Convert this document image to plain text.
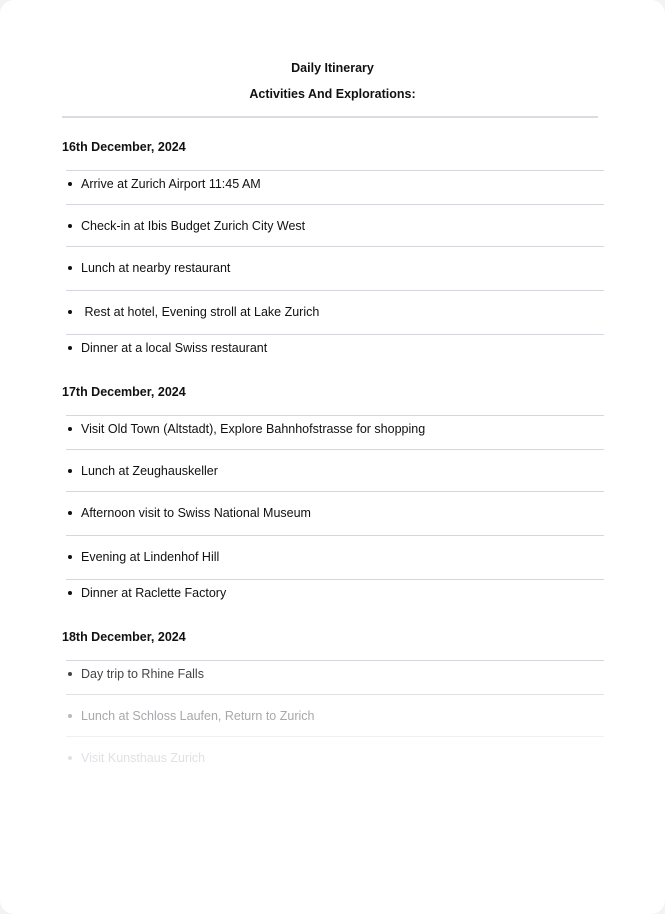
Daily Itinerary
Activities And Explorations:
16th December, 2024
Arrive at Zurich Airport 11:45 AM
Check-in at Ibis Budget Zurich City West
Lunch at nearby restaurant
Rest at hotel, Evening stroll at Lake Zurich
Dinner at a local Swiss restaurant
17th December, 2024
Visit Old Town (Altstadt), Explore Bahnhofstrasse for shopping
Lunch at Zeughauskeller
Afternoon visit to Swiss National Museum
Evening at Lindenhof Hill
Dinner at Raclette Factory
18th December, 2024
Day trip to Rhine Falls
Lunch at Schloss Laufen, Return to Zurich
Visit Kunsthaus Zurich
